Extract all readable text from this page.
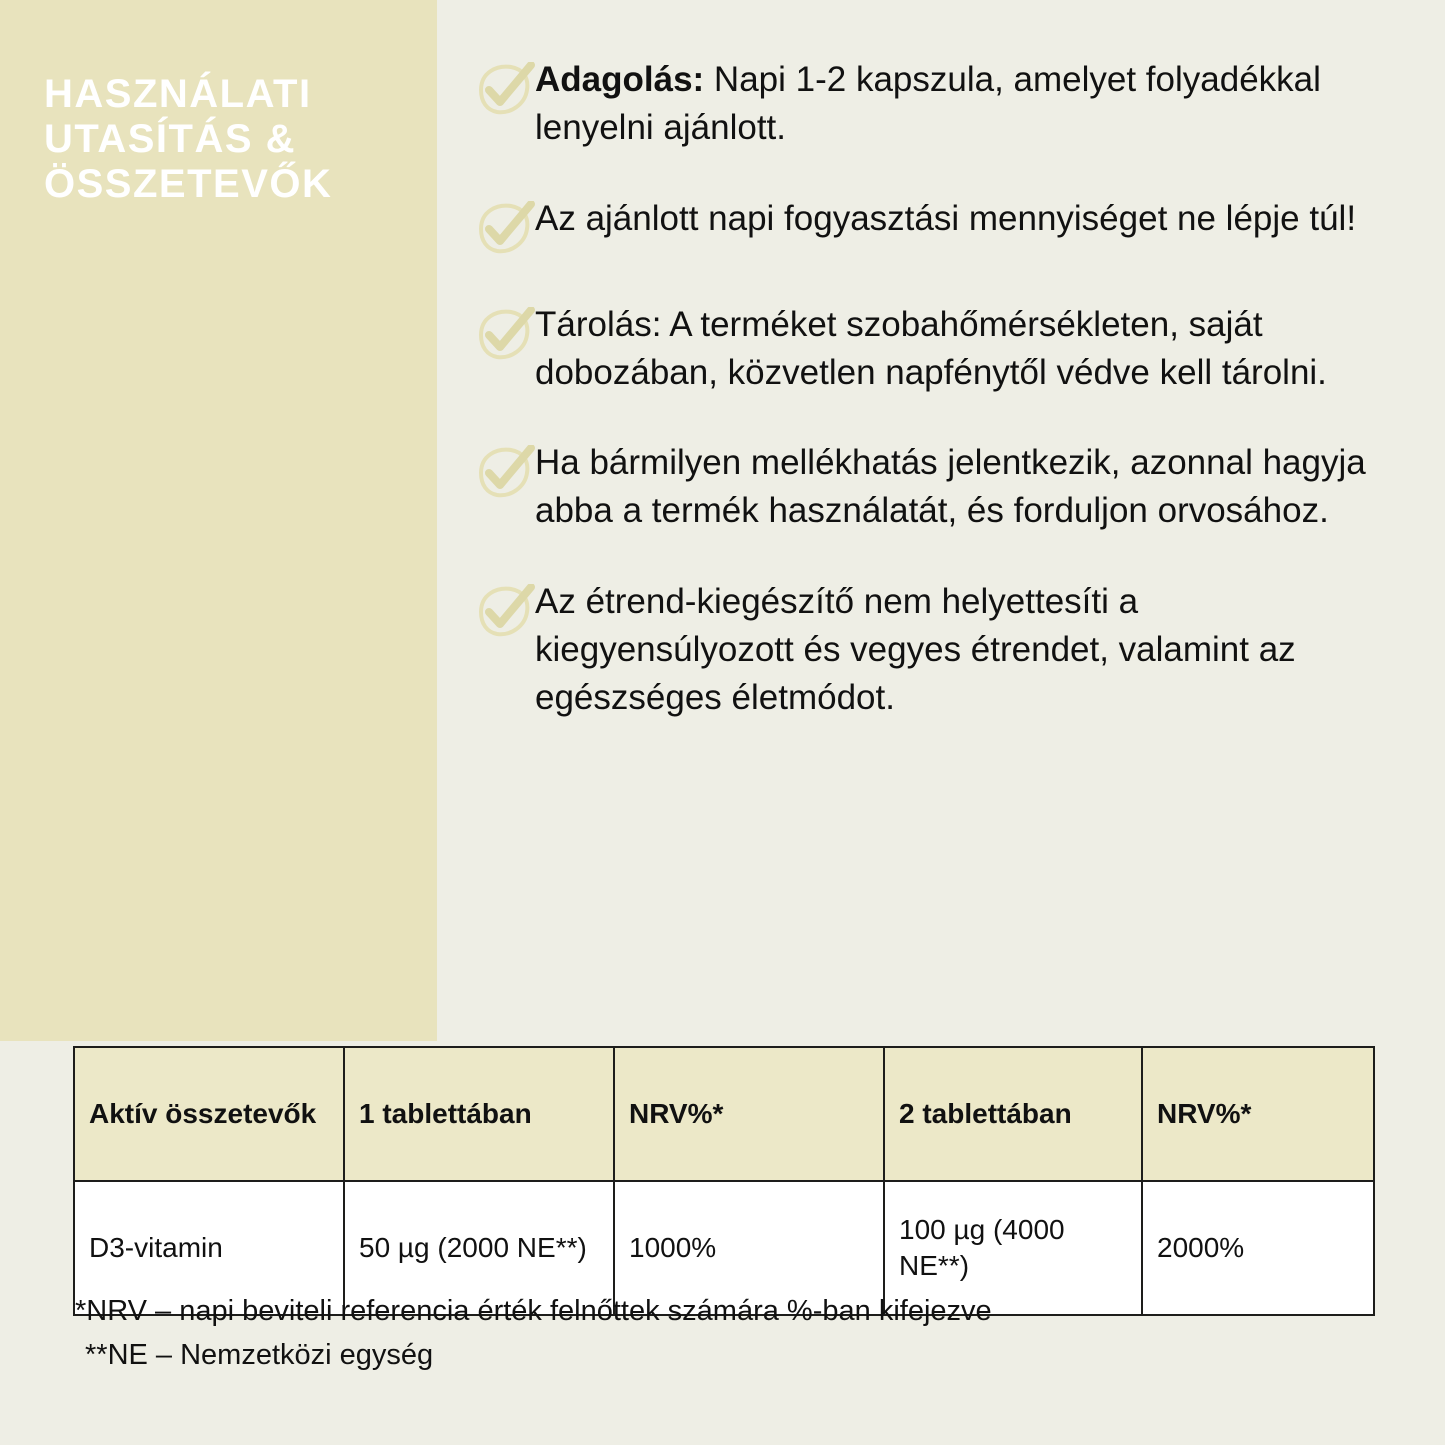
HASZNÁLATI UTASÍTÁS & ÖSSZETEVŐK
Adagolás: Napi 1-2 kapszula, amelyet folyadékkal lenyelni ajánlott.
Az ajánlott napi fogyasztási mennyiséget ne lépje túl!
Tárolás: A terméket szobahőmérsékleten, saját dobozában, közvetlen napfénytől védve kell tárolni.
Ha bármilyen mellékhatás jelentkezik, azonnal hagyja abba a termék használatát, és forduljon orvosához.
Az étrend-kiegészítő nem helyettesíti a kiegyensúlyozott és vegyes étrendet, valamint az egészséges életmódot.
Aktív összetevők	1 tablettában	NRV%*	2 tablettában	NRV%*
D3-vitamin	50 µg (2000 NE**)	1000%	100 µg (4000 NE**)	2000%
*NRV – napi beviteli referencia érték felnőttek számára %-ban kifejezve
**NE – Nemzetközi egység
